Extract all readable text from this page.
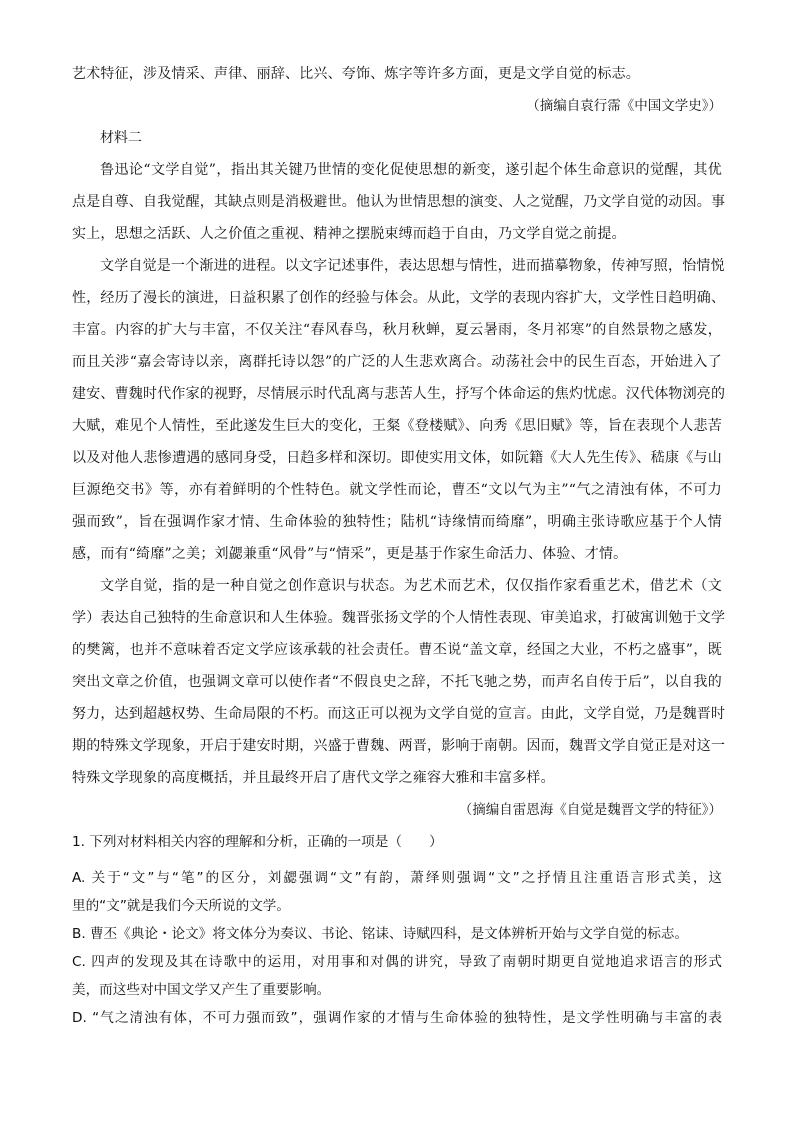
艺术特征，涉及情采、声律、丽辞、比兴、夸饰、炼字等许多方面，更是文学自觉的标志。
（摘编自袁行霈《中国文学史》）
材料二
鲁迅论“文学自觉”，指出其关键乃世情的变化促使思想的新变，遂引起个体生命意识的觉醒，其优
点是自尊、自我觉醒，其缺点则是消极避世。他认为世情思想的演变、人之觉醒，乃文学自觉的动因。事
实上，思想之活跃、人之价值之重视、精神之摆脱束缚而趋于自由，乃文学自觉之前提。
文学自觉是一个渐进的进程。以文字记述事件，表达思想与情性，进而描摹物象，传神写照，怡情悦
性，经历了漫长的演进，日益积累了创作的经验与体会。从此，文学的表现内容扩大，文学性日趋明确、
丰富。内容的扩大与丰富，不仅关注“春风春鸟，秋月秋蝉，夏云暑雨，冬月祁寒”的自然景物之感发，
而且关涉“嘉会寄诗以亲，离群托诗以怨”的广泛的人生悲欢离合。动荡社会中的民生百态，开始进入了
建安、曹魏时代作家的视野，尽情展示时代乱离与悲苦人生，抒写个体命运的焦灼忧虑。汉代体物浏亮的
大赋，难见个人情性，至此遂发生巨大的变化，王粲《登楼赋》、向秀《思旧赋》等，旨在表现个人悲苦
以及对他人悲惨遭遇的感同身受，日趋多样和深切。即使实用文体，如阮籍《大人先生传》、嵇康《与山
巨源绝交书》等，亦有着鲜明的个性特色。就文学性而论，曹丕“文以气为主”“气之清浊有体，不可力
强而致”，旨在强调作家才情、生命体验的独特性；陆机“诗缘情而绮靡”，明确主张诗歌应基于个人情
感，而有“绮靡”之美；刘勰兼重“风骨”与“情采”，更是基于作家生命活力、体验、才情。
文学自觉，指的是一种自觉之创作意识与状态。为艺术而艺术，仅仅指作家看重艺术，借艺术（文
学）表达自己独特的生命意识和人生体验。魏晋张扬文学的个人情性表现、审美追求，打破寓训勉于文学
的樊篱，也并不意味着否定文学应该承载的社会责任。曹丕说“盖文章，经国之大业，不朽之盛事”，既
突出文章之价值，也强调文章可以使作者“不假良史之辞，不托飞驰之势，而声名自传于后”，以自我的
努力，达到超越权势、生命局限的不朽。而这正可以视为文学自觉的宣言。由此，文学自觉，乃是魏晋时
期的特殊文学现象，开启于建安时期，兴盛于曹魏、两晋，影响于南朝。因而，魏晋文学自觉正是对这一
特殊文学现象的高度概括，并且最终开启了唐代文学之雍容大雅和丰富多样。
（摘编自雷恩海《自觉是魏晋文学的特征》）
1. 下列对材料相关内容的理解和分析，正确的一项是（　　）
A. 关于“文”与“笔”的区分，刘勰强调“文”有韵，萧绎则强调“文”之抒情且注重语言形式美，这
里的“文”就是我们今天所说的文学。
B. 曹丕《典论・论文》将文体分为奏议、书论、铭诔、诗赋四科，是文体辨析开始与文学自觉的标志。
C. 四声的发现及其在诗歌中的运用，对用事和对偶的讲究，导致了南朝时期更自觉地追求语言的形式
美，而这些对中国文学又产生了重要影响。
D. “气之清浊有体，不可力强而致”，强调作家的才情与生命体验的独特性，是文学性明确与丰富的表
